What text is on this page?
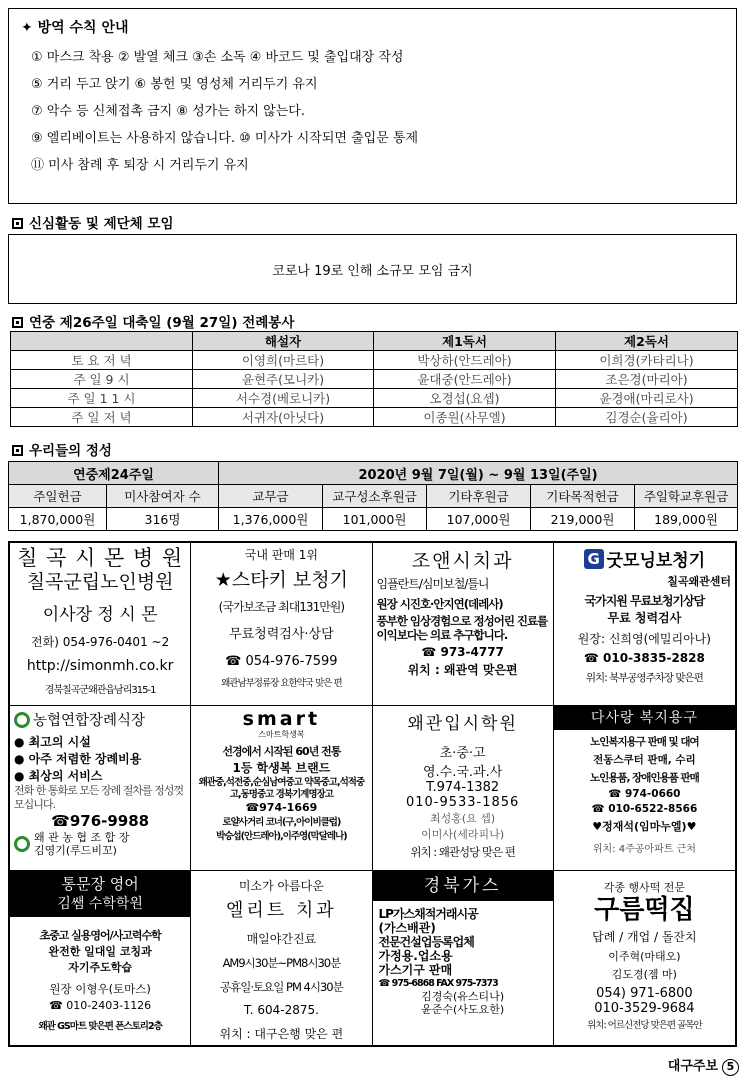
✦ 방역 수칙 안내
① 마스크 착용 ② 발열 체크 ③손 소독 ④ 바코드 및 출입대장 작성
⑤ 거리 두고 앉기 ⑥ 봉헌 및 영성체 거리두기 유지
⑦ 악수 등 신체접촉 금지 ⑧ 성가는 하지 않는다.
⑨ 엘리베이트는 사용하지 않습니다. ⑩ 미사가 시작되면 출입문 통제
⑪ 미사 참례 후 퇴장 시 거리두기 유지
신심활동 및 제단체 모임
코로나 19로 인해 소규모 모임 금지
연중 제26주일 대축일 (9월 27일) 전례봉사
	해설자	제1독서	제2독서
토 요 저 녁	이영희(마르타)	박상하(안드레아)	이희경(카타리나)
주 일 9 시	윤현주(모니카)	윤대중(안드레아)	조은경(마리아)
주 일 1 1 시	서수경(베로니카)	오경섭(요셉)	윤경애(마리로사)
주 일 저 녁	서귀자(아닛다)	이종원(사무엘)	김경순(율리아)
우리들의 정성
연중제24주일		2020년 9월 7일(월) ~ 9월 13일(주일)				
주일헌금	미사참여자 수	교무금	교구성소후원금	기타후원금	기타목적헌금	주일학교후원금
1,870,000원	316명	1,376,000원	101,000원	107,000원	219,000원	189,000원
칠 곡 시 몬 병 원
칠곡군립노인병원
이사장 정 시 몬
전화) 054-976-0401 ~2
http://simonmh.co.kr
경북칠곡군왜관읍남리315-1
국내 판매 1위
★스타키 보청기
(국가보조금 최대131만원)
무료청력검사·상담
☎ 054-976-7599
왜관남부정류장 요한약국 맞은 편
조앤시치과
임플란트/심미보철/틀니
원장 시진호·안지연(데레사)
풍부한 임상경험으로 정성어린 진료를 이익보다는 의료 추구합니다.
☎ 973-4777
위치 : 왜관역 맞은편
G 굿모닝보청기
칠곡왜관센터
국가지원 무료보청기상담
무료 청력검사
원장: 신희영(에밀리아나)
☎ 010-3835-2828
위치: 북부공영주차장 맞은편
농협연합장례식장
● 최고의 시설
● 아주 저렴한 장례비용
● 최상의 서비스
전화 한 통화로 모든 장례 절차를 정성껏 모십니다.
☎976-9988
왜 관 농 협 조 합 장
김영기(루드비꼬)
smart
스마트학생복
선경에서 시작된 60년 전통
1등 학생복 브랜드
왜관중,석전중,순심남여중고 약목중고,석적중고,동명중고 경북기계명장고
☎974-1669
로얄사거리 코너(구,아이비클럽)
박승섭(안드레아),이주영(막달레나)
왜관입시학원
초·중·고
영.수.국.과.사
T.974-1382
010-9533-1856
최성홍(요 셉)
이미사(세라피나)
위치 : 왜관성당 맞은 편
다사랑 복지용구
노인복지용구 판매 및 대여
전동스쿠터 판매, 수리
노인용품, 장애인용품 판매
☎ 974-0660
☎ 010-6522-8566
♥정재석(임마누엘)♥
위치: 4주공아파트 근처
통문장 영어
김쌤 수학학원
초중고 실용영어/사고력수학
완전한 일대일 코칭과
자기주도학습
원장 이형우(토마스)
☎ 010-2403-1126
왜관 GS마트 맞은편 폰스토리2층
미소가 아름다운
엘리트 치과
매일야간진료
AM9시30분~PM8시30분
공휴일·토요일 PM 4시30분
T. 604-2875.
위치 : 대구은행 맞은 편
경북가스
LP가스채적거래시공
(가스배관)
전문건설업등록업체
가정용.업소용
가스기구 판매
☎ 975-6868 FAX 975-7373
김경숙(유스티나)
윤준수(사도요한)
각종 행사떡 전문
구름떡집
답례 / 개업 / 돌잔치
이주혁(마태오)
김도경(젬 마)
054) 971-6800
010-3529-9684
위치: 어르신전당 맞은편 골목안
대구주보 5
